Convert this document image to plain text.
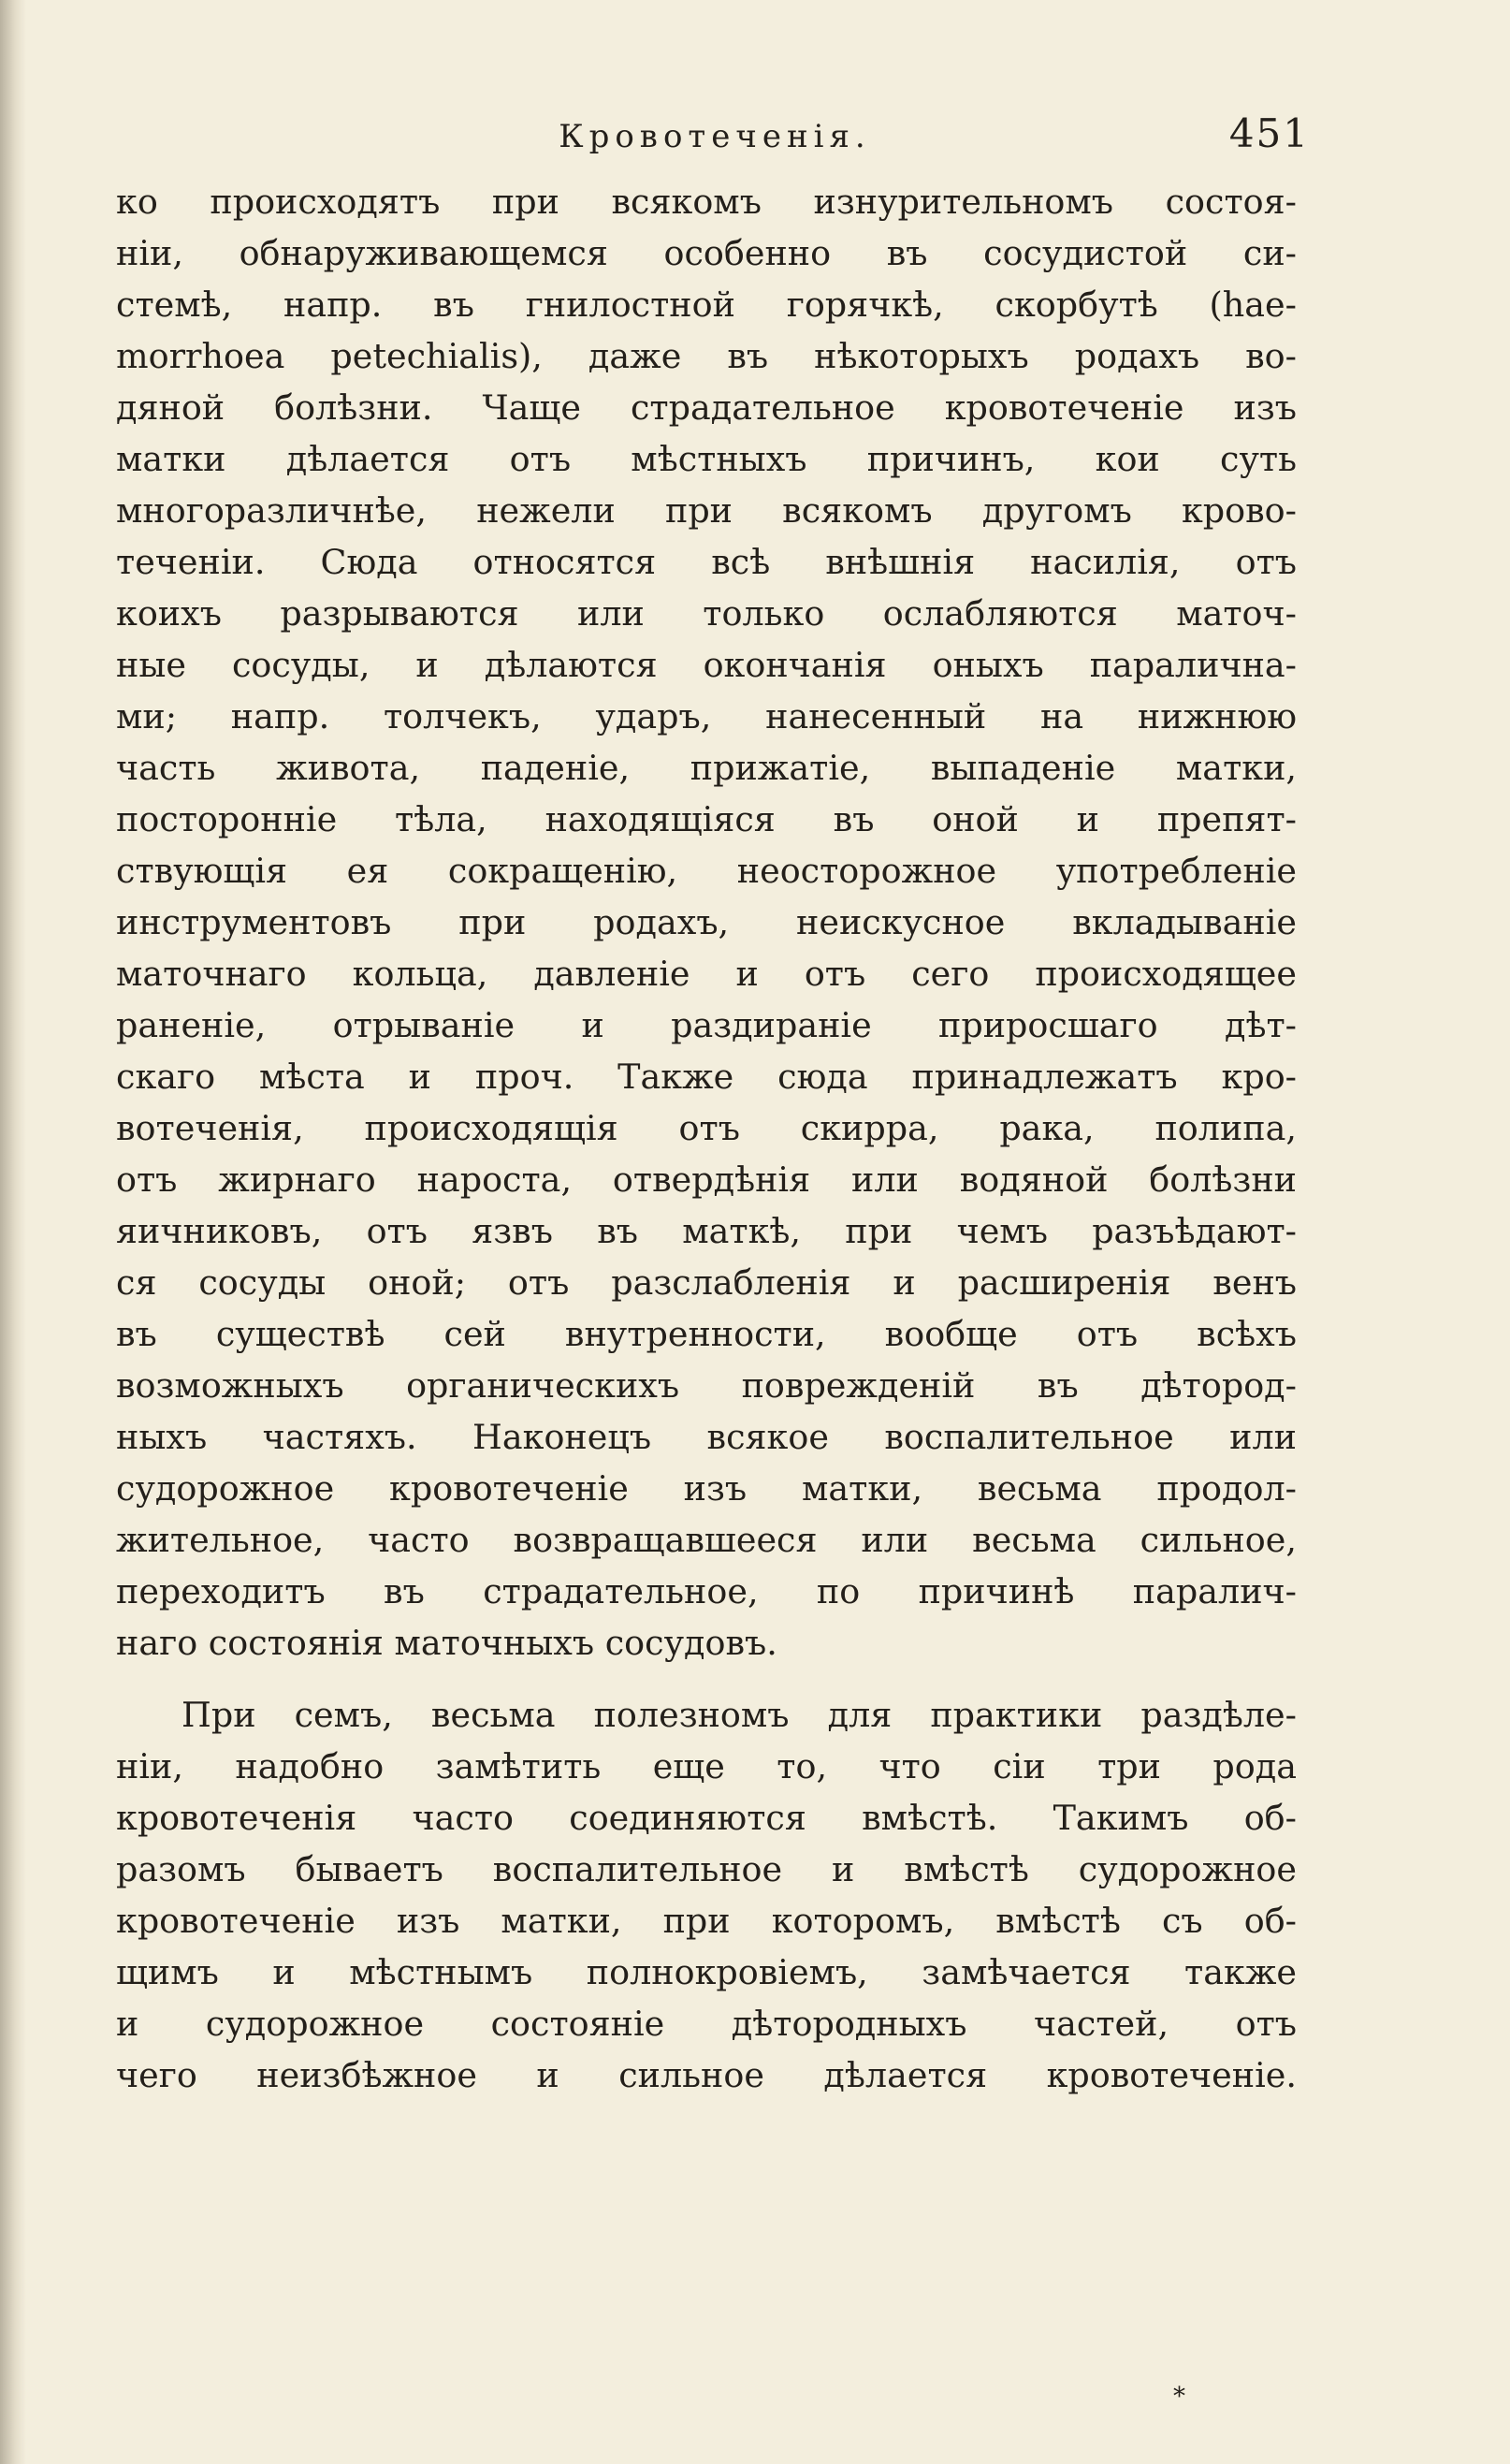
Кровотеченія.	451
ко происходятъ при всякомъ изнурительномъ состоя-
ніи, обнаруживающемся особенно въ сосудистой си-
стемѣ, напр. въ гнилостной горячкѣ, скорбутѣ (hae-
morrhoea petechialis), даже въ нѣкоторыхъ родахъ во-
дяной болѣзни. Чаще страдательное кровотеченіе изъ
матки дѣлается отъ мѣстныхъ причинъ, кои суть
многоразличнѣе, нежели при всякомъ другомъ крово-
теченіи. Сюда относятся всѣ внѣшнія насилія, отъ
коихъ разрываются или только ослабляются маточ-
ные сосуды, и дѣлаются окончанія оныхъ паралична-
ми; напр. толчекъ, ударъ, нанесенный на нижнюю
часть живота, паденіе, прижатіе, выпаденіе матки,
посторонніе тѣла, находящіяся въ оной и препят-
ствующія ея сокращенію, неосторожное употребленіе
инструментовъ при родахъ, неискусное вкладываніе
маточнаго кольца, давленіе и отъ сего происходящее
раненіе, отрываніе и раздираніе приросшаго дѣт-
скаго мѣста и проч. Также сюда принадлежатъ кро-
вотеченія, происходящія отъ скирра, рака, полипа,
отъ жирнаго нароста, отвердѣнія или водяной болѣзни
яичниковъ, отъ язвъ въ маткѣ, при чемъ разъѣдают-
ся сосуды оной; отъ разслабленія и расширенія венъ
въ существѣ сей внутренности, вообще отъ всѣхъ
возможныхъ органическихъ поврежденій въ дѣтород-
ныхъ частяхъ. Наконецъ всякое воспалительное или
судорожное кровотеченіе изъ матки, весьма продол-
жительное, часто возвращавшееся или весьма сильное,
переходитъ въ страдательное, по причинѣ паралич-
наго состоянія маточныхъ сосудовъ.
При семъ, весьма полезномъ для практики раздѣле-
ніи, надобно замѣтить еще то, что сіи три рода
кровотеченія часто соединяются вмѣстѣ. Такимъ об-
разомъ бываетъ воспалительное и вмѣстѣ судорожное
кровотеченіе изъ матки, при которомъ, вмѣстѣ съ об-
щимъ и мѣстнымъ полнокровіемъ, замѣчается также
и судорожное состояніе дѣтородныхъ частей, отъ
чего неизбѣжное и сильное дѣлается кровотеченіе.
*
